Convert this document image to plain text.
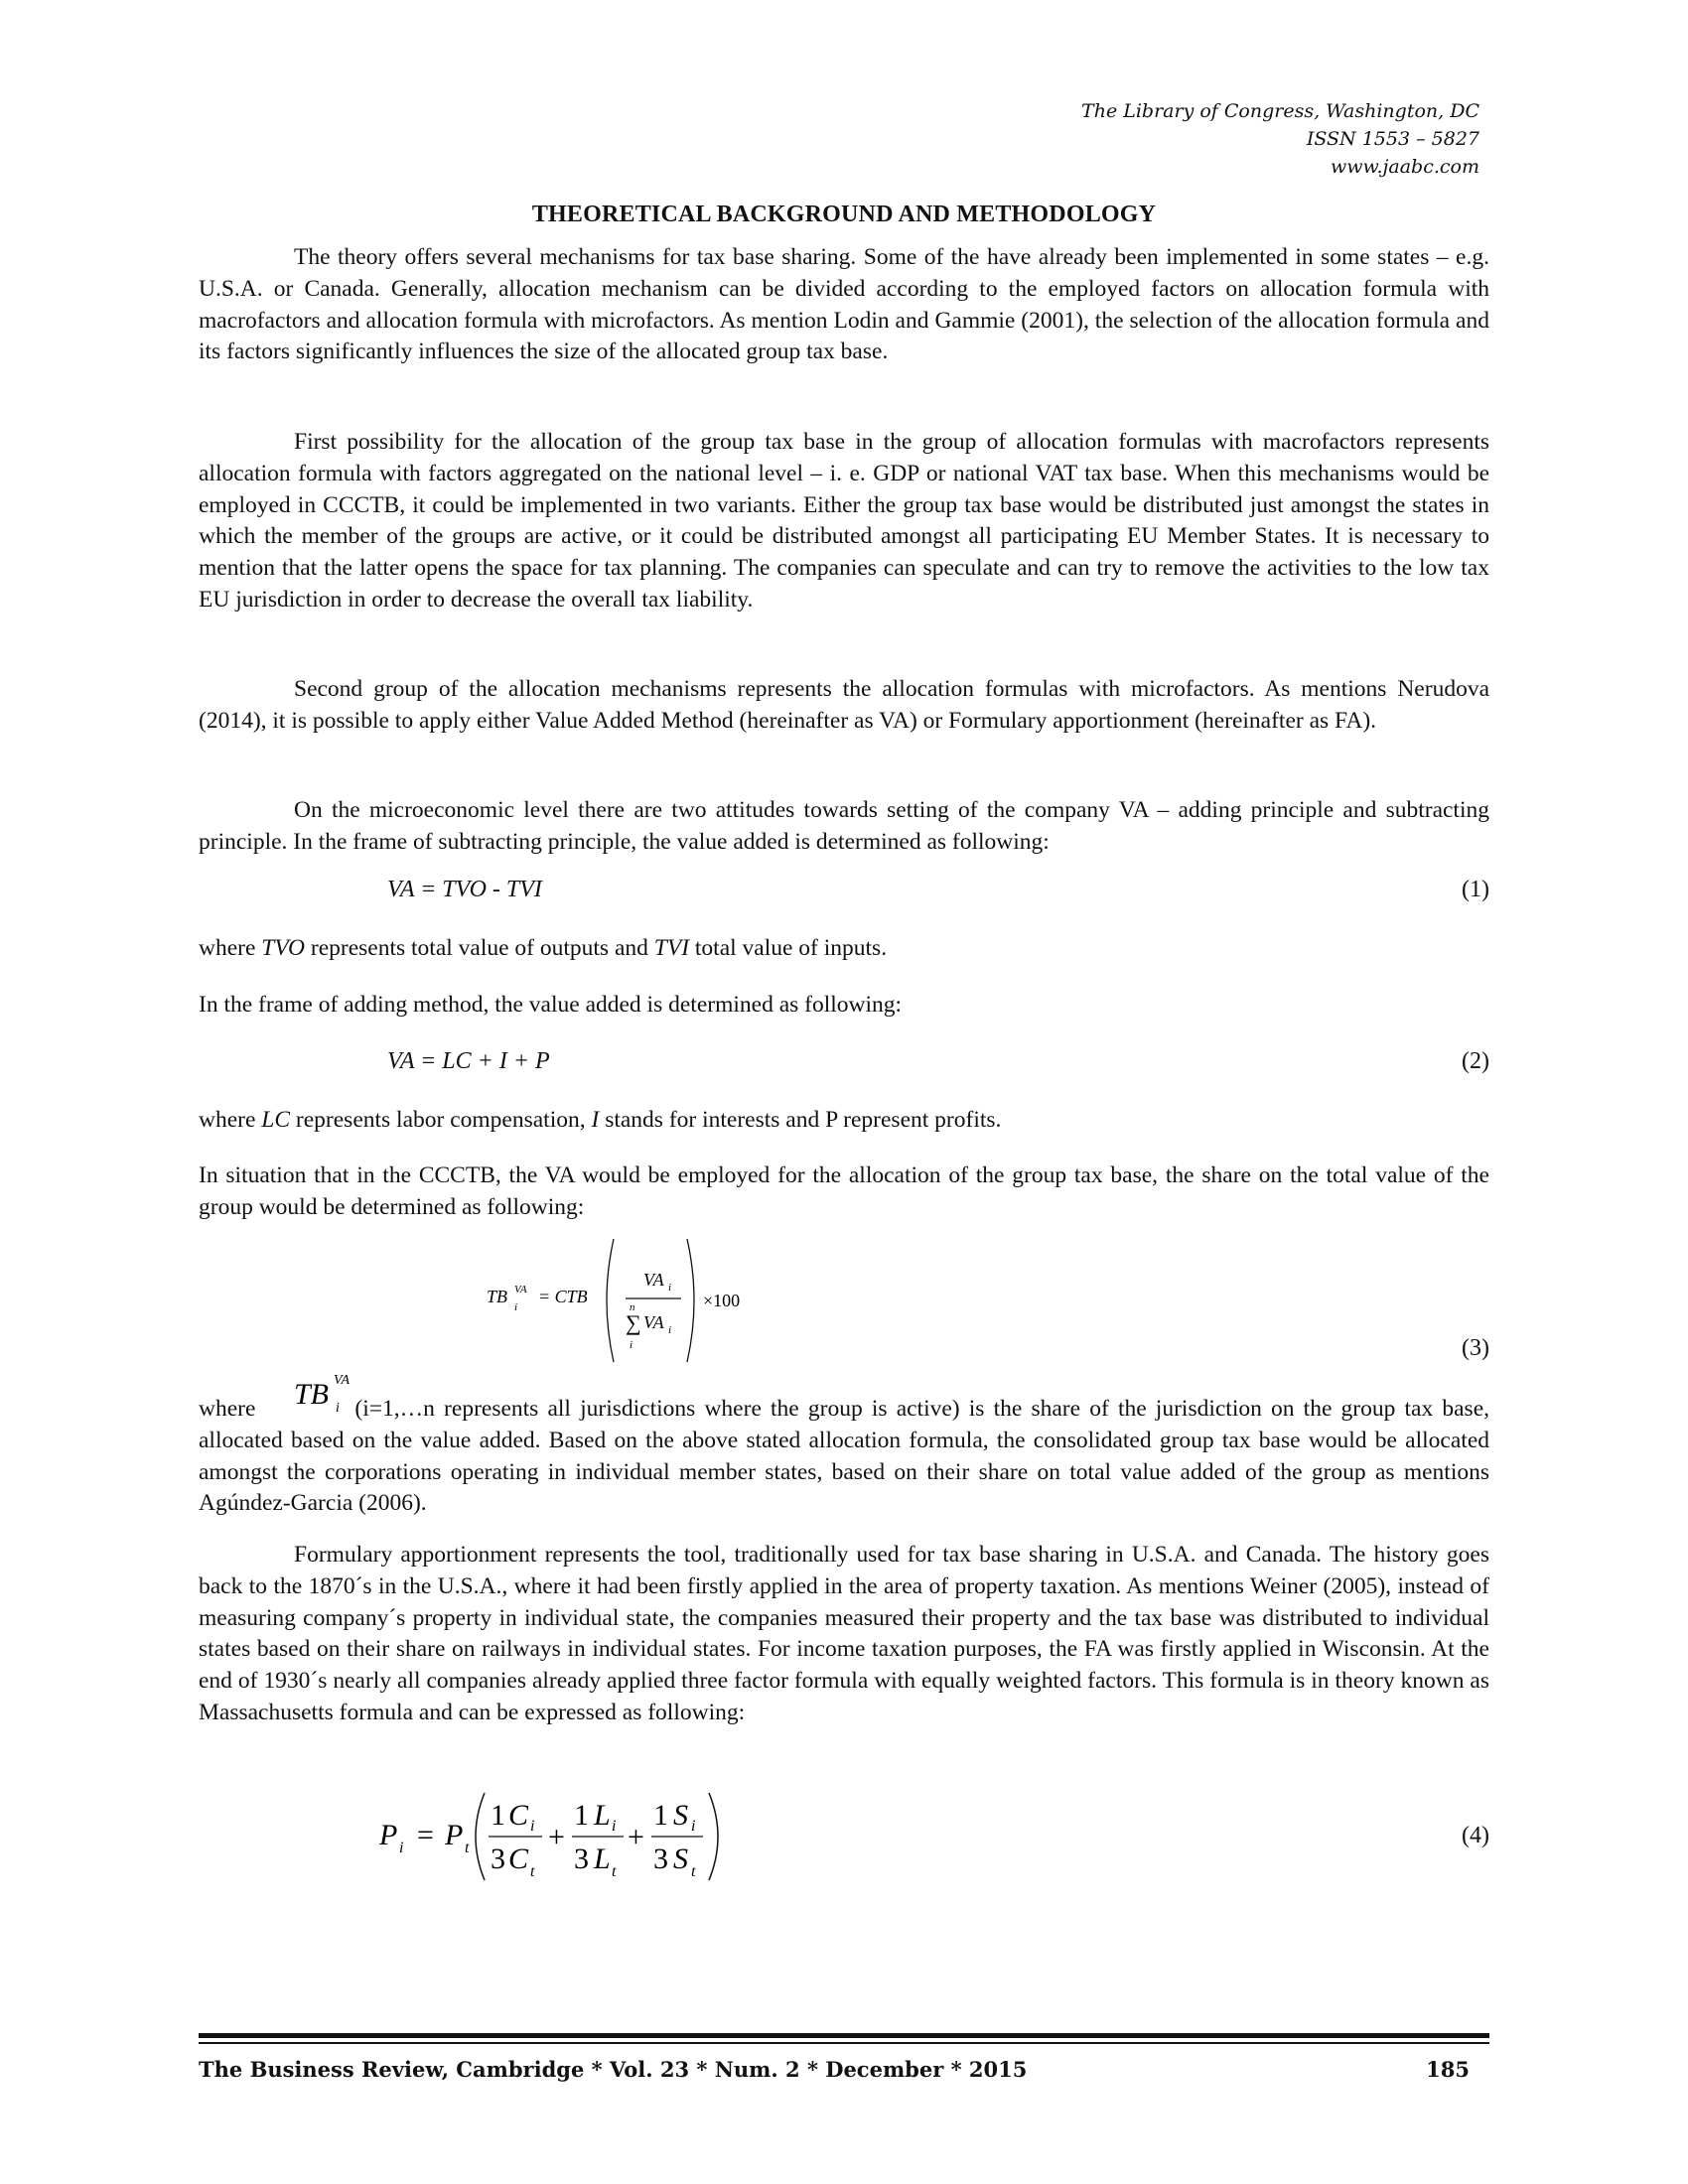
The Library of Congress, Washington, DC
ISSN 1553 – 5827
www.jaabc.com
THEORETICAL BACKGROUND AND METHODOLOGY

The theory offers several mechanisms for tax base sharing. Some of the have already been implemented in some states – e.g. U.S.A. or Canada. Generally, allocation mechanism can be divided according to the employed factors on allocation formula with macrofactors and allocation formula with microfactors. As mention Lodin and Gammie (2001), the selection of the allocation formula and its factors significantly influences the size of the allocated group tax base.

First possibility for the allocation of the group tax base in the group of allocation formulas with macrofactors represents allocation formula with factors aggregated on the national level – i. e. GDP or national VAT tax base. When this mechanisms would be employed in CCCTB, it could be implemented in two variants. Either the group tax base would be distributed just amongst the states in which the member of the groups are active, or it could be distributed amongst all participating EU Member States. It is necessary to mention that the latter opens the space for tax planning. The companies can speculate and can try to remove the activities to the low tax EU jurisdiction in order to decrease the overall tax liability.

Second group of the allocation mechanisms represents the allocation formulas with microfactors. As mentions Nerudova (2014), it is possible to apply either Value Added Method (hereinafter as VA) or Formulary apportionment (hereinafter as FA).

On the microeconomic level there are two attitudes towards setting of the company VA – adding principle and subtracting principle. In the frame of subtracting principle, the value added is determined as following:

VA = TVO - TVI	(1)

where TVO represents total value of outputs and TVI total value of inputs.

In the frame of adding method, the value added is determined as following:

VA = LC + I + P	(2)

where LC represents labor compensation, I stands for interests and P represent profits.

In situation that in the CCCTB, the VA would be employed for the allocation of the group tax base, the share on the total value of the group would be determined as following:

TB VA
i
= CTB
VA i
n
∑
i
VA i
×100
(3)
TB VA
i
where	(i=1,…n represents all jurisdictions where the group is active) is the share of the jurisdiction on the group tax base, allocated based on the value added. Based on the above stated allocation formula, the consolidated group tax base would be allocated amongst the corporations operating in individual member states, based on their share on total value added of the group as mentions Agúndez-Garcia (2006).

Formulary apportionment represents the tool, traditionally used for tax base sharing in U.S.A. and Canada. The history goes back to the 1870´s in the U.S.A., where it had been firstly applied in the area of property taxation. As mentions Weiner (2005), instead of measuring company´s property in individual state, the companies measured their property and the tax base was distributed to individual states based on their share on railways in individual states. For income taxation purposes, the FA was firstly applied in Wisconsin. At the end of 1930´s nearly all companies already applied three factor formula with equally weighted factors. This formula is in theory known as Massachusetts formula and can be expressed as following:

P i = P t
1 C i
3 C t
+
1 L i
3 L t
+
1 S i
3 S t
(4)
The Business Review, Cambridge * Vol. 23 * Num. 2 * December * 2015	185
